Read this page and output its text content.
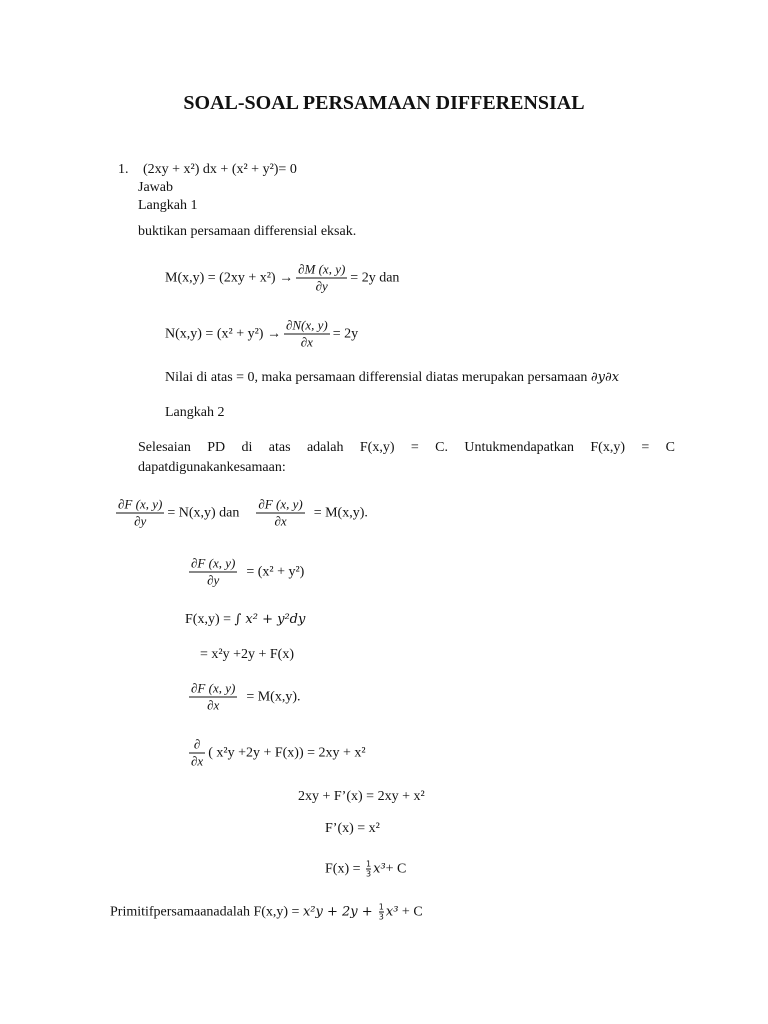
SOAL-SOAL PERSAMAAN DIFFERENSIAL
1. (2xy + x²) dx + (x² + y²)= 0
Jawab
Langkah 1
buktikan persamaan differensial eksak.
$M(x,y) = (2xy + x^2) \to \frac{\partial M (x, y)}{\partial y} = 2y$ dan
$N(x,y) = (x^2 + y^2) \to \frac{\partial N(x, y)}{\partial x} = 2y$
Nilai di atas = 0, maka persamaan differensial diatas merupakan persamaan ∂y∂x
Langkah 2
Selesaian PD di atas adalah F(x,y) = C. Untukmendapatkan F(x,y) = C
dapatdigunakankesamaan:
$\frac{\partial F (x, y)}{\partial y} = N(x,y)$ dan $\frac{\partial F (x, y)}{\partial x} = M(x,y)$.
$\frac{\partial F (x, y)}{\partial y} = (x^2 + y^2)$
F(x,y) = ∫ x² + y²dy
= x²y +2y + F(x)
$\frac{\partial F (x, y)}{\partial x} = M(x,y)$.
$\frac{\partial}{\partial x}$ ( x²y +2y + F(x)) = 2xy + x²
2xy + F’(x) = 2xy + x²
F’(x) = x²
F(x) = 1
3 x³ + C
Primitifpersamaanadalah F(x,y) = x²y + 2y + 1
3 x³ + C
